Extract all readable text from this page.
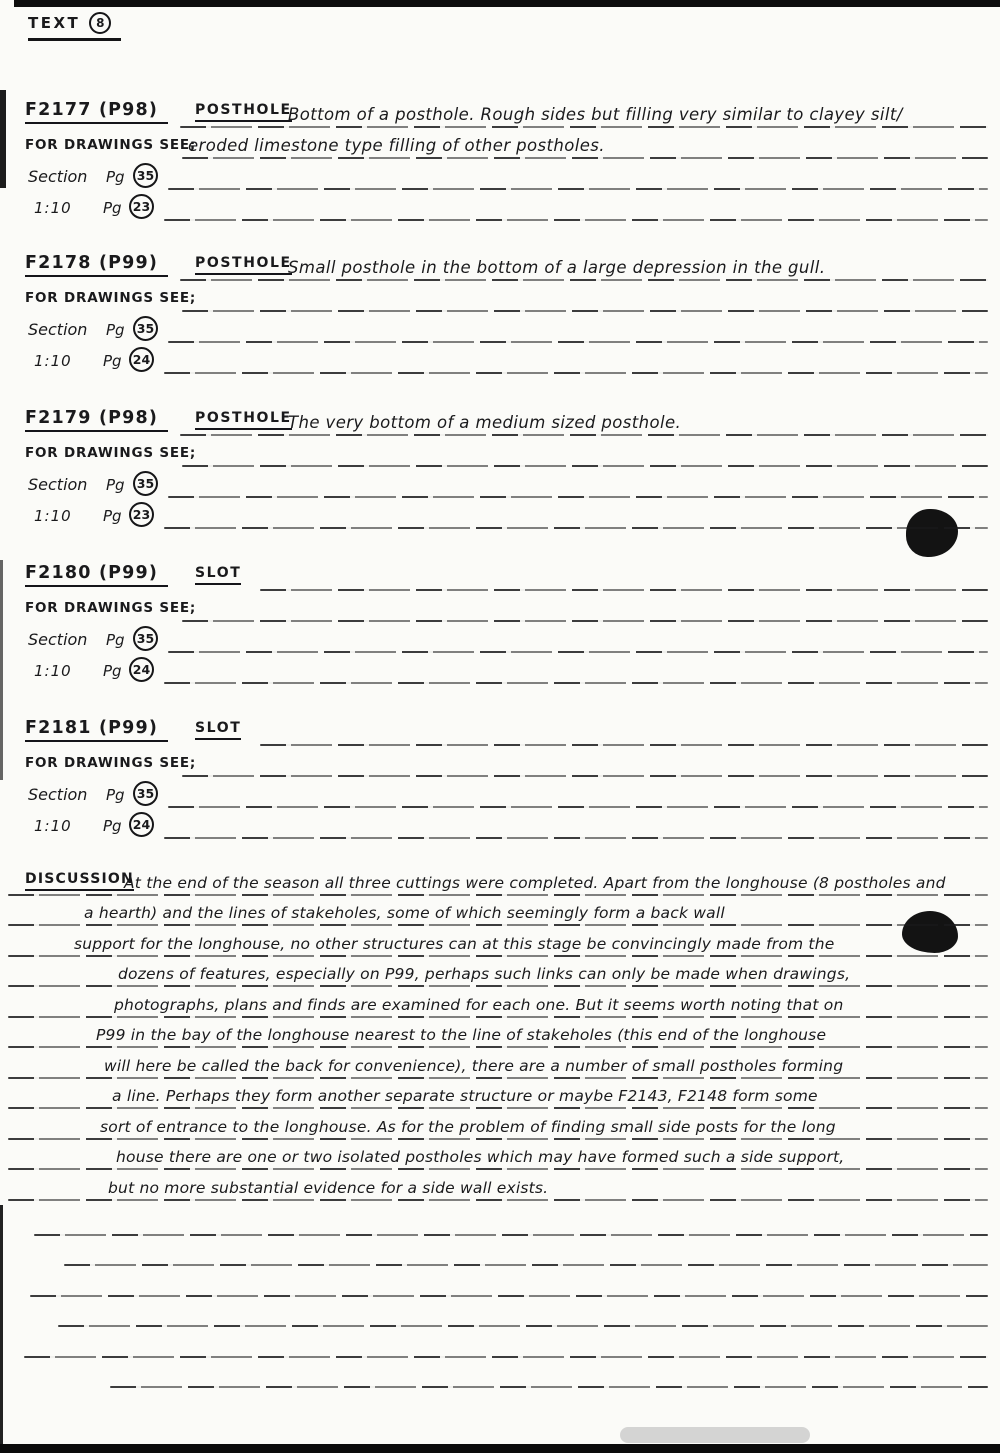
TEXT	8
F2177 (P98)	POSTHOLE
Bottom of a posthole. Rough sides but filling very similar to clayey silt/
FOR DRAWINGS SEE;
eroded limestone type filling of other postholes.
Section Pg 35
1:10 Pg 23
F2178 (P99)	POSTHOLE
Small posthole in the bottom of a large depression in the gull.
FOR DRAWINGS SEE;
Section Pg 35
1:10 Pg 24
F2179 (P98)	POSTHOLE
The very bottom of a medium sized posthole.
FOR DRAWINGS SEE;
Section Pg 35
1:10 Pg 23
F2180 (P99)	SLOT
FOR DRAWINGS SEE;
Section Pg 35
1:10 Pg 24
F2181 (P99)	SLOT
FOR DRAWINGS SEE;
Section Pg 35
1:10 Pg 24
DISCUSSION
At the end of the season all three cuttings were completed. Apart from the longhouse (8 postholes and
a hearth) and the lines of stakeholes, some of which seemingly form a back wall
support for the longhouse, no other structures can at this stage be convincingly made from the
dozens of features, especially on P99, perhaps such links can only be made when drawings,
photographs, plans and finds are examined for each one. But it seems worth noting that on
P99 in the bay of the longhouse nearest to the line of stakeholes (this end of the longhouse
will here be called the back for convenience), there are a number of small postholes forming
a line. Perhaps they form another separate structure or maybe F2143, F2148 form some
sort of entrance to the longhouse. As for the problem of finding small side posts for the long
house there are one or two isolated postholes which may have formed such a side support,
but no more substantial evidence for a side wall exists.
